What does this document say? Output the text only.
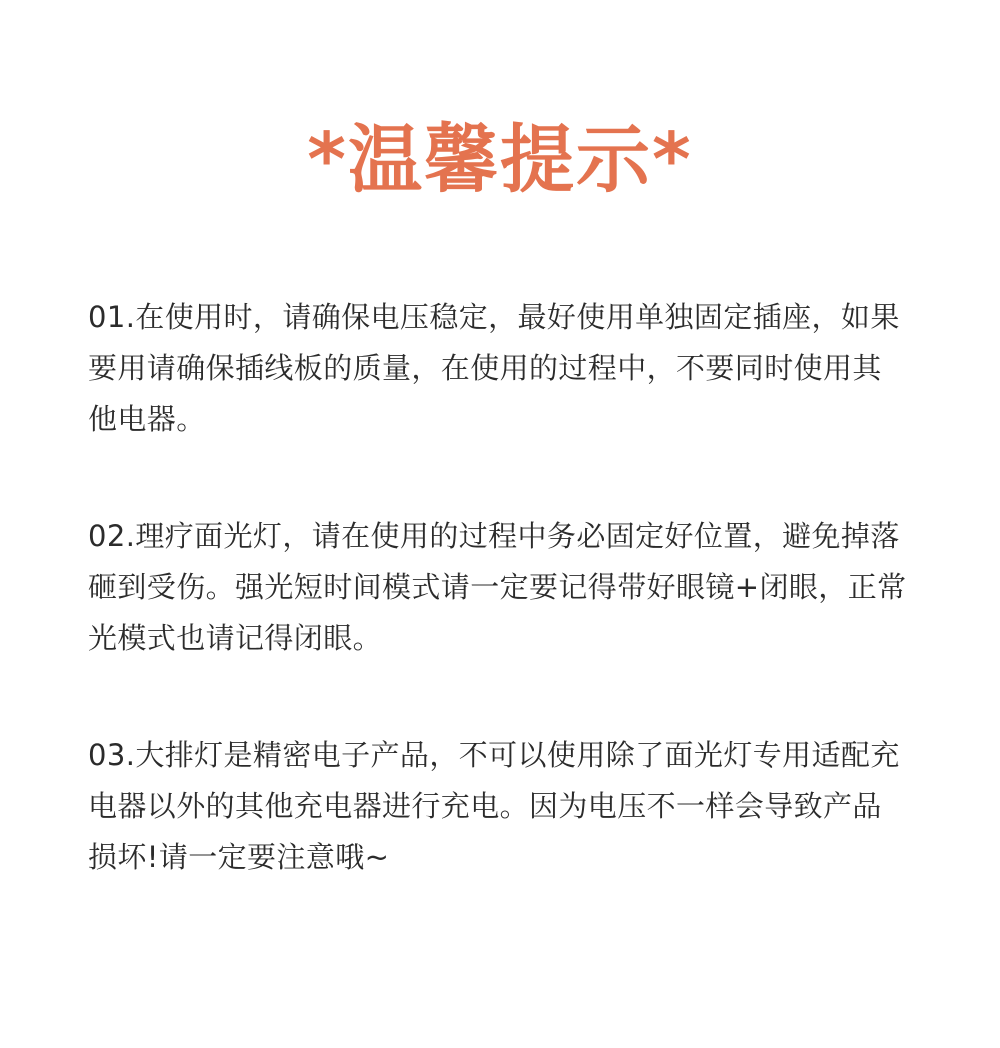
*温馨提示*

01.在使用时，请确保电压稳定，最好使用单独固定插座，如果要用请确保插线板的质量，在使用的过程中，不要同时使用其他电器。

02.理疗面光灯，请在使用的过程中务必固定好位置，避免掉落砸到受伤。强光短时间模式请一定要记得带好眼镜+闭眼，正常光模式也请记得闭眼。

03.大排灯是精密电子产品，不可以使用除了面光灯专用适配充电器以外的其他充电器进行充电。因为电压不一样会导致产品损坏!请一定要注意哦~
